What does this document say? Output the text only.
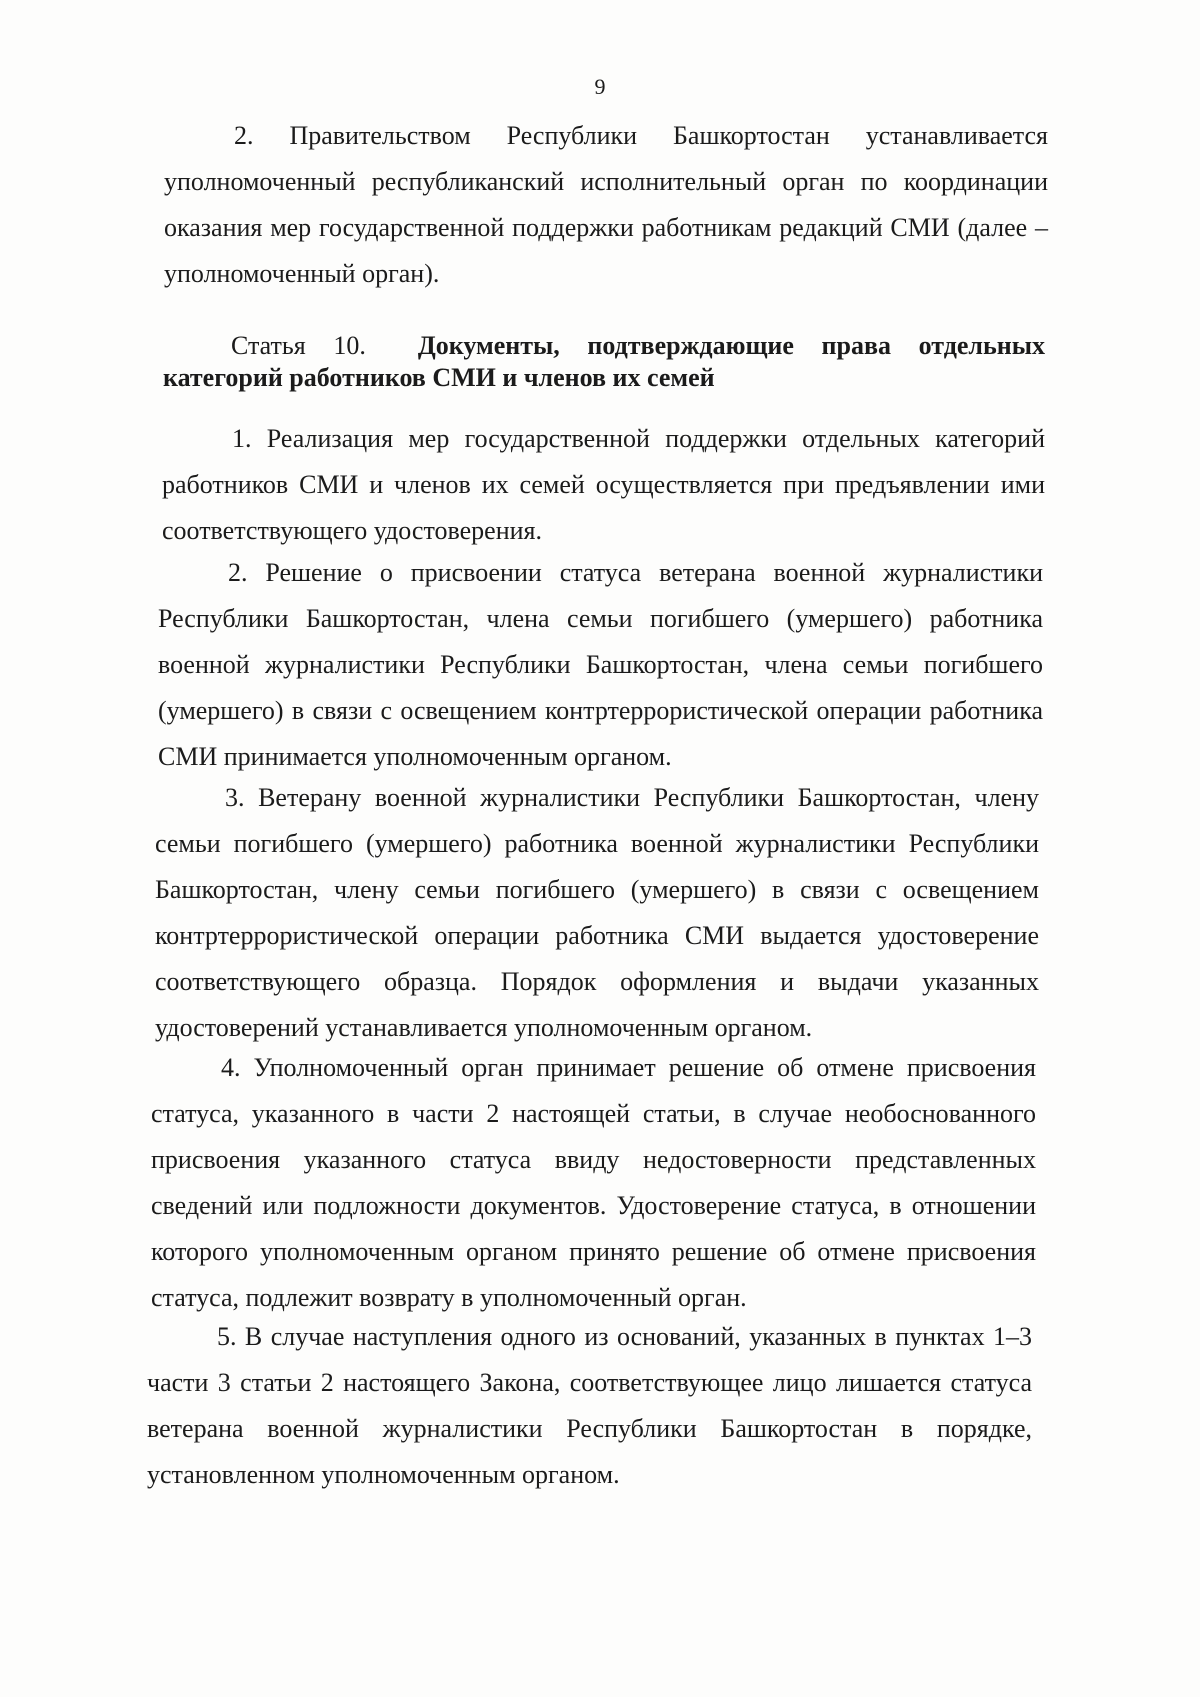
9

2. Правительством Республики Башкортостан устанавливается уполномоченный республиканский исполнительный орган по координации оказания мер государственной поддержки работникам редакций СМИ (далее – уполномоченный орган).

Статья 10. Документы, подтверждающие права отдельных категорий работников СМИ и членов их семей

1. Реализация мер государственной поддержки отдельных категорий работников СМИ и членов их семей осуществляется при предъявлении ими соответствующего удостоверения.

2. Решение о присвоении статуса ветерана военной журналистики Республики Башкортостан, члена семьи погибшего (умершего) работника военной журналистики Республики Башкортостан, члена семьи погибшего (умершего) в связи с освещением контртеррористической операции работника СМИ принимается уполномоченным органом.

3. Ветерану военной журналистики Республики Башкортостан, члену семьи погибшего (умершего) работника военной журналистики Республики Башкортостан, члену семьи погибшего (умершего) в связи с освещением контртеррористической операции работника СМИ выдается удостоверение соответствующего образца. Порядок оформления и выдачи указанных удостоверений устанавливается уполномоченным органом.

4. Уполномоченный орган принимает решение об отмене присвоения статуса, указанного в части 2 настоящей статьи, в случае необоснованного присвоения указанного статуса ввиду недостоверности представленных сведений или подложности документов. Удостоверение статуса, в отношении которого уполномоченным органом принято решение об отмене присвоения статуса, подлежит возврату в уполномоченный орган.

5. В случае наступления одного из оснований, указанных в пунктах 1–3 части 3 статьи 2 настоящего Закона, соответствующее лицо лишается статуса ветерана военной журналистики Республики Башкортостан в порядке, установленном уполномоченным органом.
